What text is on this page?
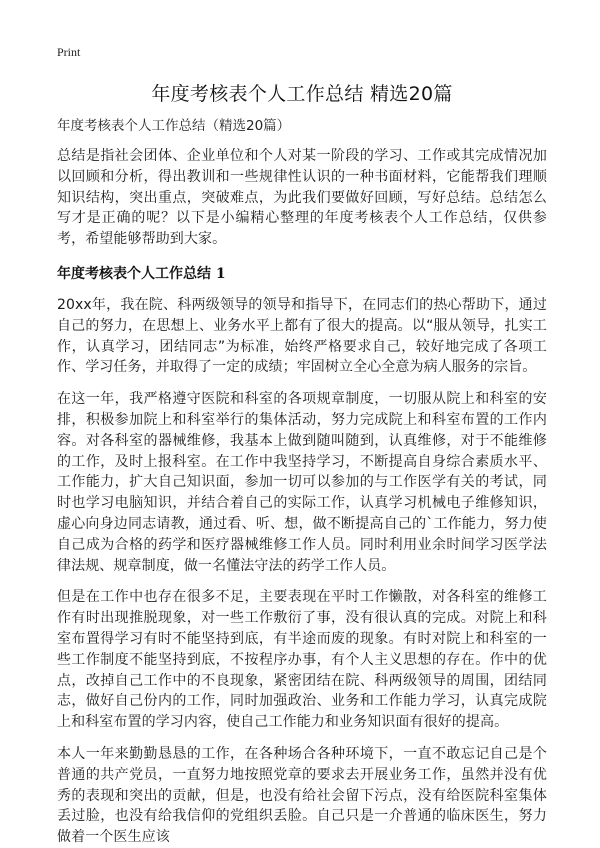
Print

年度考核表个人工作总结 精选20篇

年度考核表个人工作总结（精选20篇）

总结是指社会团体、企业单位和个人对某一阶段的学习、工作或其完成情况加以回顾和分析，得出教训和一些规律性认识的一种书面材料，它能帮我们理顺知识结构，突出重点，突破难点，为此我们要做好回顾，写好总结。总结怎么写才是正确的呢？以下是小编精心整理的年度考核表个人工作总结，仅供参考，希望能够帮助到大家。

年度考核表个人工作总结 1

20xx年，我在院、科两级领导的领导和指导下，在同志们的热心帮助下，通过自己的努力，在思想上、业务水平上都有了很大的提高。以“服从领导，扎实工作，认真学习，团结同志”为标准，始终严格要求自己，较好地完成了各项工作、学习任务，并取得了一定的成绩；牢固树立全心全意为病人服务的宗旨。

在这一年，我严格遵守医院和科室的各项规章制度，一切服从院上和科室的安排，积极参加院上和科室举行的集体活动，努力完成院上和科室布置的工作内容。对各科室的器械维修，我基本上做到随叫随到，认真维修，对于不能维修的工作，及时上报科室。在工作中我坚持学习，不断提高自身综合素质水平、工作能力，扩大自己知识面，参加一切可以参加的与工作医学有关的考试，同时也学习电脑知识，并结合着自己的实际工作，认真学习机械电子维修知识，虚心向身边同志请教，通过看、听、想，做不断提高自己的`工作能力，努力使自己成为合格的药学和医疗器械维修工作人员。同时利用业余时间学习医学法律法规、规章制度，做一名懂法守法的药学工作人员。

但是在工作中也存在很多不足，主要表现在平时工作懒散，对各科室的维修工作有时出现推脱现象，对一些工作敷衍了事，没有很认真的完成。对院上和科室布置得学习有时不能坚持到底，有半途而废的现象。有时对院上和科室的一些工作制度不能坚持到底，不按程序办事，有个人主义思想的存在。作中的优点，改掉自己工作中的不良现象，紧密团结在院、科两级领导的周围，团结同志，做好自己份内的工作，同时加强政治、业务和工作能力学习，认真完成院上和科室布置的学习内容，使自己工作能力和业务知识面有很好的提高。

本人一年来勤勤恳恳的工作，在各种场合各种环境下，一直不敢忘记自己是个普通的共产党员，一直努力地按照党章的要求去开展业务工作，虽然并没有优秀的表现和突出的贡献，但是，也没有给社会留下污点，没有给医院科室集体丢过脸，也没有给我信仰的党组织丢脸。自己只是一介普通的临床医生，努力做着一个医生应该
